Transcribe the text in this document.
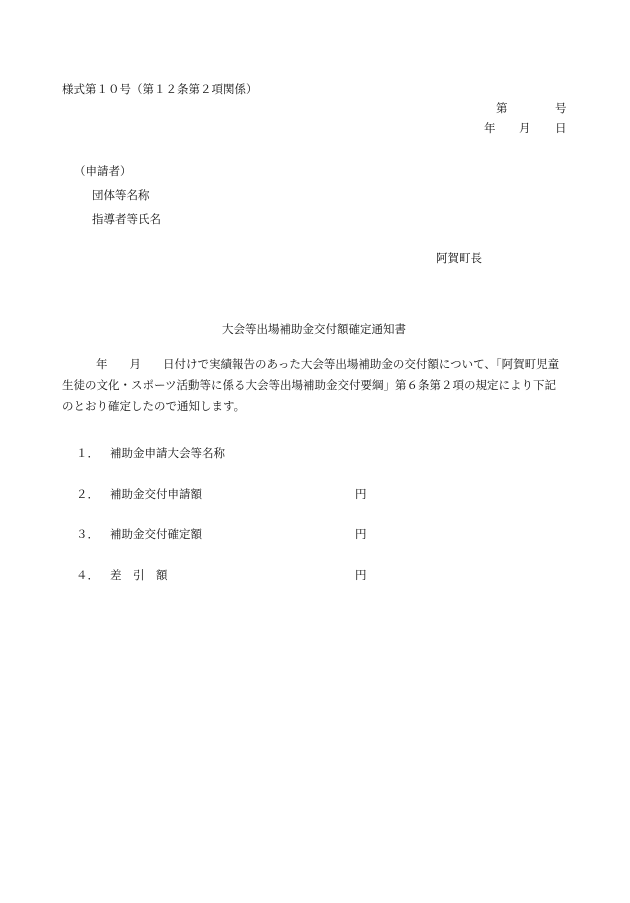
様式第１０号（第１２条第２項関係）
第	号
年 月 日
（申請者）
団体等名称
指導者等氏名
阿賀町長
大会等出場補助金交付額確定通知書
年 月 日付けで実績報告のあった大会等出場補助金の交付額について、「阿賀町児童
生徒の文化・スポーツ活動等に係る大会等出場補助金交付要綱」第６条第２項の規定により下記
のとおり確定したので通知します。
１． 補助金申請大会等名称
２． 補助金交付申請額	円
３． 補助金交付確定額	円
４． 差　引　額	円
